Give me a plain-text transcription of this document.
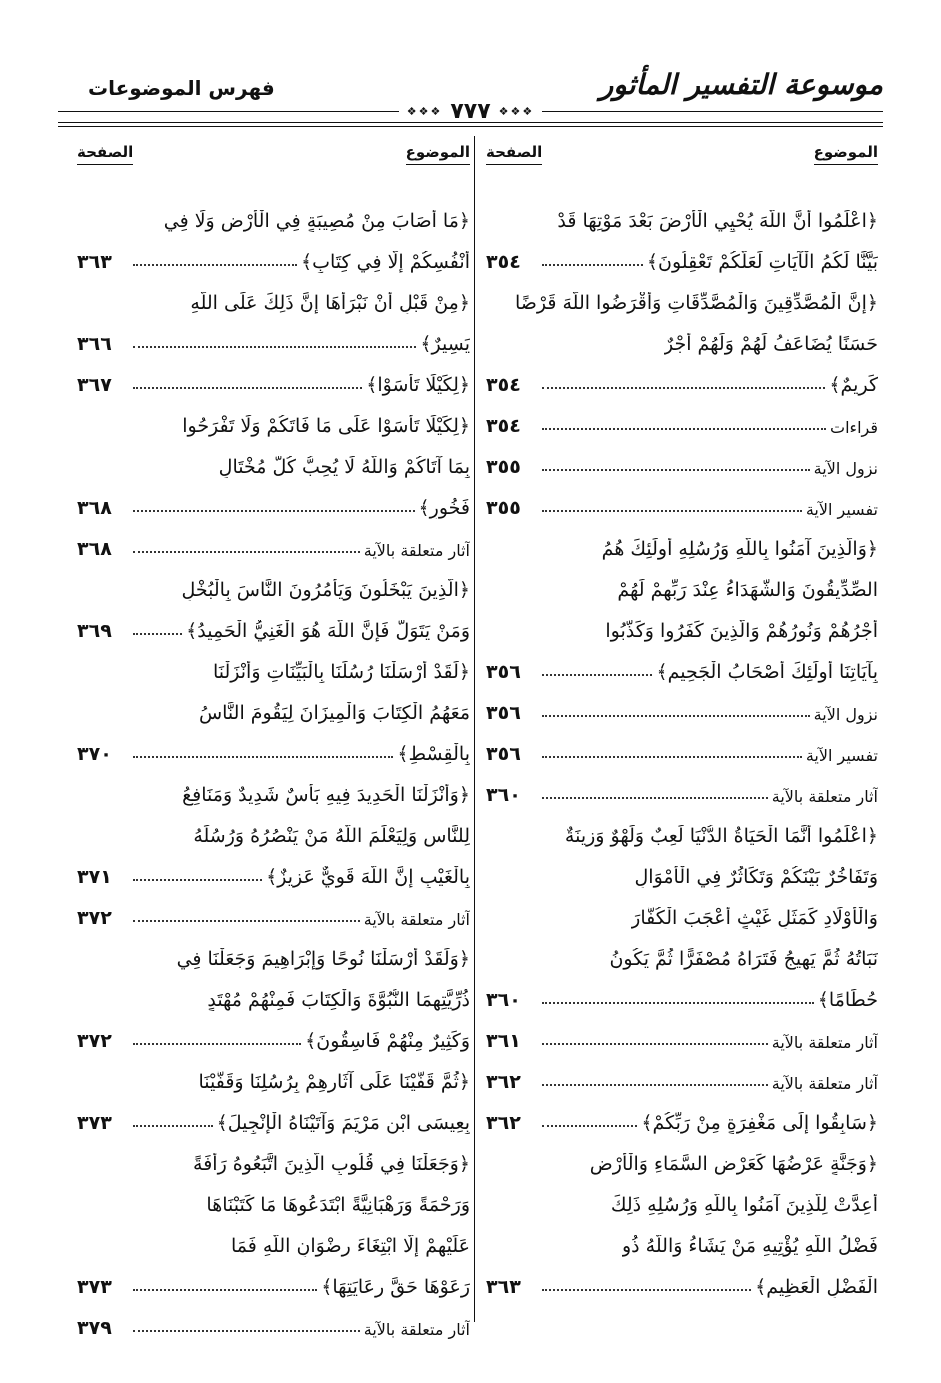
موسوعة التفسير المأثور
فهرس الموضوعات
❖❖❖ ٧٧٧ ❖❖❖
الموضوع
الصفحة
﴿اعْلَمُوا أَنَّ اللَّهَ يُحْيِي الْأَرْضَ بَعْدَ مَوْتِهَا قَدْ
بَيَّنَّا لَكُمُ الْآيَاتِ لَعَلَّكُمْ تَعْقِلُونَ﴾
٣٥٤
﴿إِنَّ الْمُصَّدِّقِينَ وَالْمُصَّدِّقَاتِ وَأَقْرَضُوا اللَّهَ قَرْضًا
حَسَنًا يُضَاعَفُ لَهُمْ وَلَهُمْ أَجْرٌ
كَرِيمٌ﴾
٣٥٤
قراءات
٣٥٤
نزول الآية
٣٥٥
تفسير الآية
٣٥٥
﴿وَالَّذِينَ آمَنُوا بِاللَّهِ وَرُسُلِهِ أُولَئِكَ هُمُ
الصِّدِّيقُونَ وَالشُّهَدَاءُ عِنْدَ رَبِّهِمْ لَهُمْ
أَجْرُهُمْ وَنُورُهُمْ وَالَّذِينَ كَفَرُوا وَكَذَّبُوا
بِآيَاتِنَا أُولَئِكَ أَصْحَابُ الْجَحِيمِ﴾
٣٥٦
نزول الآية
٣٥٦
تفسير الآية
٣٥٦
آثار متعلقة بالآية
٣٦٠
﴿اعْلَمُوا أَنَّمَا الْحَيَاةُ الدُّنْيَا لَعِبٌ وَلَهْوٌ وَزِينَةٌ
وَتَفَاخُرٌ بَيْنَكُمْ وَتَكَاثُرٌ فِي الْأَمْوَالِ
وَالْأَوْلَادِ كَمَثَلِ غَيْثٍ أَعْجَبَ الْكُفَّارَ
نَبَاتُهُ ثُمَّ يَهِيجُ فَتَرَاهُ مُصْفَرًّا ثُمَّ يَكُونُ
حُطَامًا﴾
٣٦٠
آثار متعلقة بالآية
٣٦١
آثار متعلقة بالآية
٣٦٢
﴿سَابِقُوا إِلَى مَغْفِرَةٍ مِنْ رَبِّكُمْ﴾
٣٦٢
﴿وَجَنَّةٍ عَرْضُهَا كَعَرْضِ السَّمَاءِ وَالْأَرْضِ
أُعِدَّتْ لِلَّذِينَ آمَنُوا بِاللَّهِ وَرُسُلِهِ ذَلِكَ
فَضْلُ اللَّهِ يُؤْتِيهِ مَنْ يَشَاءُ وَاللَّهُ ذُو
الْفَضْلِ الْعَظِيمِ﴾
٣٦٣
الموضوع
الصفحة
﴿مَا أَصَابَ مِنْ مُصِيبَةٍ فِي الْأَرْضِ وَلَا فِي
أَنْفُسِكُمْ إِلَّا فِي كِتَابٍ﴾
٣٦٣
﴿مِنْ قَبْلِ أَنْ نَبْرَأَهَا إِنَّ ذَلِكَ عَلَى اللَّهِ
يَسِيرٌ﴾
٣٦٦
﴿لِكَيْلَا تَأْسَوْا﴾
٣٦٧
﴿لِكَيْلَا تَأْسَوْا عَلَى مَا فَاتَكُمْ وَلَا تَفْرَحُوا
بِمَا آتَاكُمْ وَاللَّهُ لَا يُحِبُّ كُلَّ مُخْتَالٍ
فَخُورٍ﴾
٣٦٨
آثار متعلقة بالآية
٣٦٨
﴿الَّذِينَ يَبْخَلُونَ وَيَأْمُرُونَ النَّاسَ بِالْبُخْلِ
وَمَنْ يَتَوَلَّ فَإِنَّ اللَّهَ هُوَ الْغَنِيُّ الْحَمِيدُ﴾
٣٦٩
﴿لَقَدْ أَرْسَلْنَا رُسُلَنَا بِالْبَيِّنَاتِ وَأَنْزَلْنَا
مَعَهُمُ الْكِتَابَ وَالْمِيزَانَ لِيَقُومَ النَّاسُ
بِالْقِسْطِ﴾
٣٧٠
﴿وَأَنْزَلْنَا الْحَدِيدَ فِيهِ بَأْسٌ شَدِيدٌ وَمَنَافِعُ
لِلنَّاسِ وَلِيَعْلَمَ اللَّهُ مَنْ يَنْصُرُهُ وَرُسُلَهُ
بِالْغَيْبِ إِنَّ اللَّهَ قَوِيٌّ عَزِيزٌ﴾
٣٧١
آثار متعلقة بالآية
٣٧٢
﴿وَلَقَدْ أَرْسَلْنَا نُوحًا وَإِبْرَاهِيمَ وَجَعَلْنَا فِي
ذُرِّيَّتِهِمَا النُّبُوَّةَ وَالْكِتَابَ فَمِنْهُمْ مُهْتَدٍ
وَكَثِيرٌ مِنْهُمْ فَاسِقُونَ﴾
٣٧٢
﴿ثُمَّ قَفَّيْنَا عَلَى آثَارِهِمْ بِرُسُلِنَا وَقَفَّيْنَا
بِعِيسَى ابْنِ مَرْيَمَ وَآتَيْنَاهُ الْإِنْجِيلَ﴾
٣٧٣
﴿وَجَعَلْنَا فِي قُلُوبِ الَّذِينَ اتَّبَعُوهُ رَأْفَةً
وَرَحْمَةً وَرَهْبَانِيَّةً ابْتَدَعُوهَا مَا كَتَبْنَاهَا
عَلَيْهِمْ إِلَّا ابْتِغَاءَ رِضْوَانِ اللَّهِ فَمَا
رَعَوْهَا حَقَّ رِعَايَتِهَا﴾
٣٧٣
آثار متعلقة بالآية
٣٧٩
